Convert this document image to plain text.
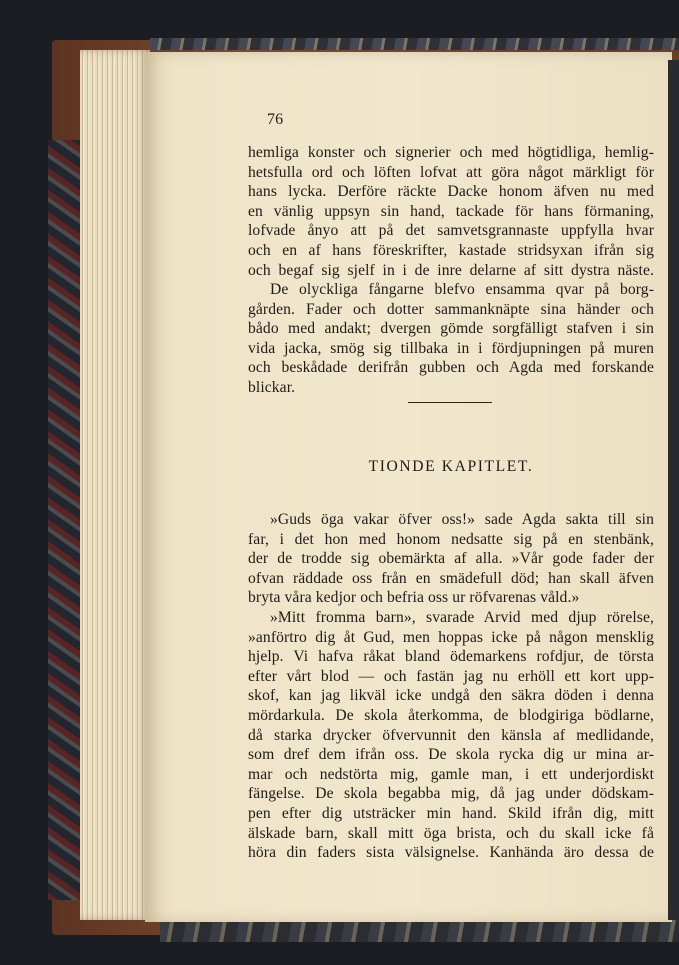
76
hemliga konster och signerier och med högtidliga, hemlig-
hetsfulla ord och löften lofvat att göra något märkligt för
hans lycka. Derföre räckte Dacke honom äfven nu med
en vänlig uppsyn sin hand, tackade för hans förmaning,
lofvade ånyo att på det samvetsgrannaste uppfylla hvar
och en af hans föreskrifter, kastade stridsyxan ifrån sig
och begaf sig sjelf in i de inre delarne af sitt dystra näste.
De olyckliga fångarne blefvo ensamma qvar på borg-
gården. Fader och dotter sammanknäpte sina händer och
bådo med andakt; dvergen gömde sorgfälligt stafven i sin
vida jacka, smög sig tillbaka in i fördjupningen på muren
och beskådade derifrån gubben och Agda med forskande
blickar.
TIONDE KAPITLET.
»Guds öga vakar öfver oss!» sade Agda sakta till sin
far, i det hon med honom nedsatte sig på en stenbänk,
der de trodde sig obemärkta af alla. »Vår gode fader der
ofvan räddade oss från en smädefull död; han skall äfven
bryta våra kedjor och befria oss ur röfvarenas våld.»
»Mitt fromma barn», svarade Arvid med djup rörelse,
»anförtro dig åt Gud, men hoppas icke på någon mensklig
hjelp. Vi hafva råkat bland ödemarkens rofdjur, de törsta
efter vårt blod — och fastän jag nu erhöll ett kort upp-
skof, kan jag likväl icke undgå den säkra döden i denna
mördarkula. De skola återkomma, de blodgiriga bödlarne,
då starka drycker öfvervunnit den känsla af medlidande,
som dref dem ifrån oss. De skola rycka dig ur mina ar-
mar och nedstörta mig, gamle man, i ett underjordiskt
fängelse. De skola begabba mig, då jag under dödskam-
pen efter dig utsträcker min hand. Skild ifrån dig, mitt
älskade barn, skall mitt öga brista, och du skall icke få
höra din faders sista välsignelse. Kanhända äro dessa de
